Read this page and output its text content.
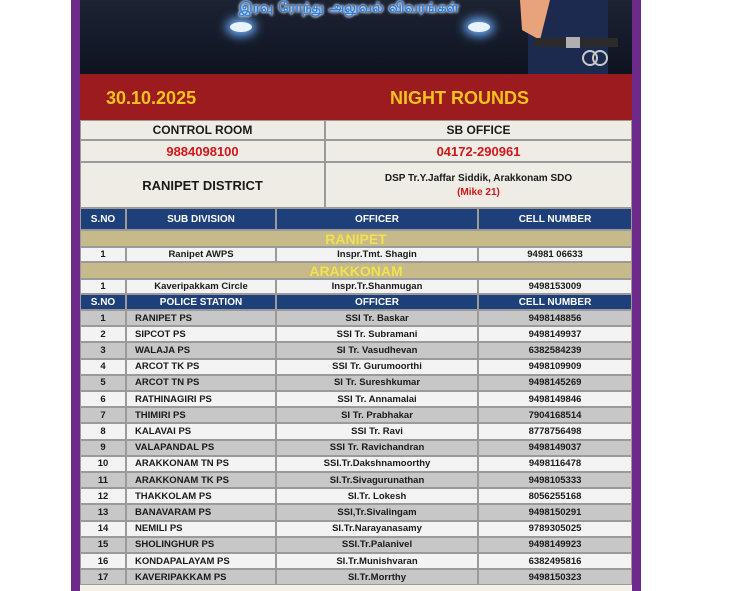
இரவு ரோந்து அலுவல் விவரங்கள்
30.10.2025	NIGHT ROUNDS
CONTROL ROOM	SB OFFICE
9884098100	04172-290961
RANIPET DISTRICT	DSP Tr.Y.Jaffar Siddik, Arakkonam SDO
(Mike 21)
S.NO	SUB DIVISION	OFFICER	CELL NUMBER
RANIPET
1	Ranipet AWPS	Inspr.Tmt. Shagin	94981 06633
ARAKKONAM
1	Kaveripakkam Circle	Inspr.Tr.Shanmugan	9498153009
S.NO	POLICE STATION	OFFICER	CELL NUMBER
1	RANIPET PS	SSI Tr. Baskar	9498148856
2	SIPCOT PS	SSI Tr. Subramani	9498149937
3	WALAJA PS	SI Tr. Vasudhevan	6382584239
4	ARCOT TK PS	SSI Tr. Gurumoorthi	9498109909
5	ARCOT TN PS	SI Tr. Sureshkumar	9498145269
6	RATHINAGIRI PS	SSI Tr. Annamalai	9498149846
7	THIMIRI PS	SI Tr. Prabhakar	7904168514
8	KALAVAI PS	SSI Tr. Ravi	8778756498
9	VALAPANDAL PS	SSI Tr. Ravichandran	9498149037
10	ARAKKONAM TN PS	SSI.Tr.Dakshnamoorthy	9498116478
11	ARAKKONAM TK PS	SI.Tr.Sivagurunathan	9498105333
12	THAKKOLAM PS	SI.Tr. Lokesh	8056255168
13	BANAVARAM PS	SSI,Tr.Sivalingam	9498150291
14	NEMILI PS	SI.Tr.Narayanasamy	9789305025
15	SHOLINGHUR PS	SSI.Tr.Palanivel	9498149923
16	KONDAPALAYAM PS	SI.Tr.Munishvaran	6382495816
17	KAVERIPAKKAM PS	SI.Tr.Morrthy	9498150323
